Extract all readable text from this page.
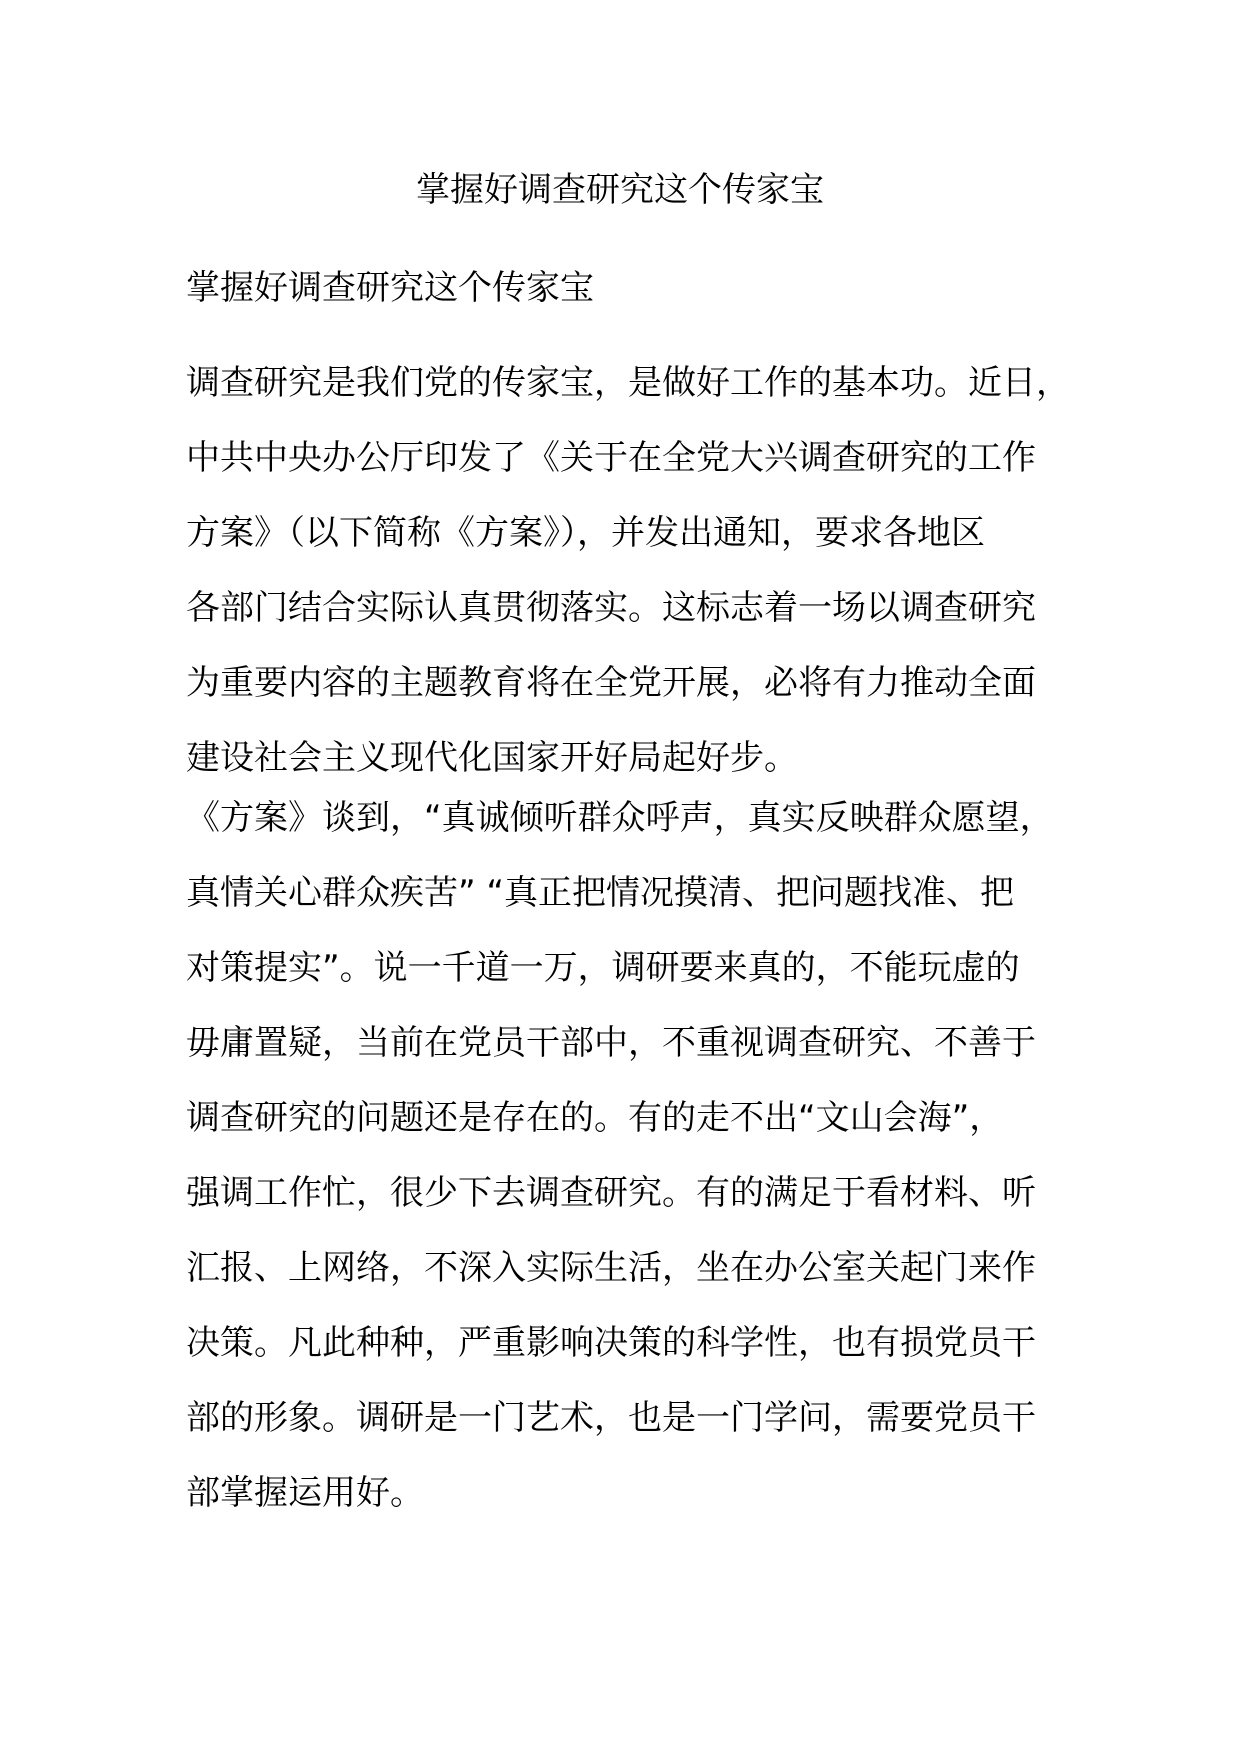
掌握好调查研究这个传家宝

掌握好调查研究这个传家宝

调查研究是我们党的传家宝，是做好工作的基本功。近日，
中共中央办公厅印发了《关于在全党大兴调查研究的工作
方案》（以下简称《方案》），并发出通知，要求各地区
各部门结合实际认真贯彻落实。这标志着一场以调查研究
为重要内容的主题教育将在全党开展，必将有力推动全面
建设社会主义现代化国家开好局起好步。
《方案》谈到，“真诚倾听群众呼声，真实反映群众愿望，
真情关心群众疾苦” “真正把情况摸清、把问题找准、把
对策提实”。说一千道一万，调研要来真的，不能玩虚的
毋庸置疑，当前在党员干部中，不重视调查研究、不善于
调查研究的问题还是存在的。有的走不出“文山会海”，
强调工作忙，很少下去调查研究。有的满足于看材料、听
汇报、上网络，不深入实际生活，坐在办公室关起门来作
决策。凡此种种，严重影响决策的科学性，也有损党员干
部的形象。调研是一门艺术，也是一门学问，需要党员干
部掌握运用好。
